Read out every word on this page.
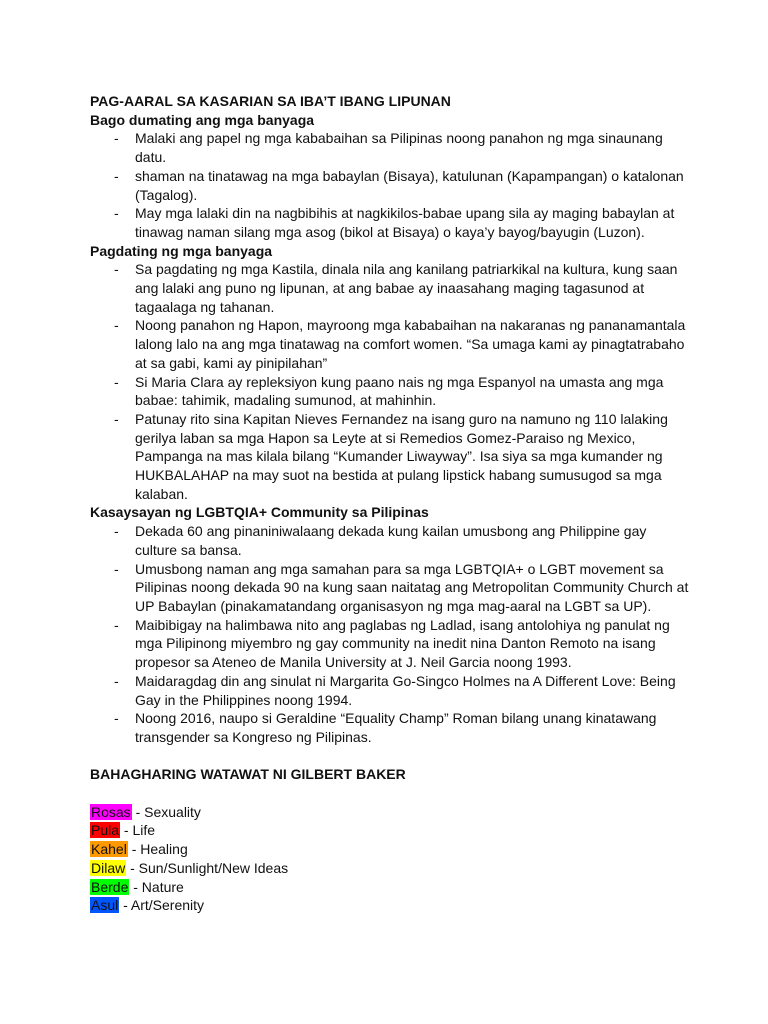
PAG-AARAL SA KASARIAN SA IBA’T IBANG LIPUNAN

Bago dumating ang mga banyaga

- Malaki ang papel ng mga kababaihan sa Pilipinas noong panahon ng mga sinaunang datu.
- shaman na tinatawag na mga babaylan (Bisaya), katulunan (Kapampangan) o katalonan (Tagalog).
- May mga lalaki din na nagbibihis at nagkikilos-babae upang sila ay maging babaylan at tinawag naman silang mga asog (bikol at Bisaya) o kaya’y bayog/bayugin (Luzon).

Pagdating ng mga banyaga

- Sa pagdating ng mga Kastila, dinala nila ang kanilang patriarkikal na kultura, kung saan ang lalaki ang puno ng lipunan, at ang babae ay inaasahang maging tagasunod at tagaalaga ng tahanan.
- Noong panahon ng Hapon, mayroong mga kababaihan na nakaranas ng pananamantala lalong lalo na ang mga tinatawag na comfort women. “Sa umaga kami ay pinagtatrabaho at sa gabi, kami ay pinipilahan”
- Si Maria Clara ay repleksiyon kung paano nais ng mga Espanyol na umasta ang mga babae: tahimik, madaling sumunod, at mahinhin.
- Patunay rito sina Kapitan Nieves Fernandez na isang guro na namuno ng 110 lalaking gerilya laban sa mga Hapon sa Leyte at si Remedios Gomez-Paraiso ng Mexico, Pampanga na mas kilala bilang “Kumander Liwayway”. Isa siya sa mga kumander ng HUKBALAHAP na may suot na bestida at pulang lipstick habang sumusugod sa mga kalaban.

Kasaysayan ng LGBTQIA+ Community sa Pilipinas

- Dekada 60 ang pinaniniwalaang dekada kung kailan umusbong ang Philippine gay culture sa bansa.
- Umusbong naman ang mga samahan para sa mga LGBTQIA+ o LGBT movement sa Pilipinas noong dekada 90 na kung saan naitatag ang Metropolitan Community Church at UP Babaylan (pinakamatandang organisasyon ng mga mag-aaral na LGBT sa UP).
- Maibibigay na halimbawa nito ang paglabas ng Ladlad, isang antolohiya ng panulat ng mga Pilipinong miyembro ng gay community na inedit nina Danton Remoto na isang propesor sa Ateneo de Manila University at J. Neil Garcia noong 1993.
- Maidaragdag din ang sinulat ni Margarita Go-Singco Holmes na A Different Love: Being Gay in the Philippines noong 1994.
- Noong 2016, naupo si Geraldine “Equality Champ” Roman bilang unang kinatawang transgender sa Kongreso ng Pilipinas.

BAHAGHARING WATAWAT NI GILBERT BAKER

Rosas - Sexuality

Pula - Life

Kahel - Healing

Dilaw - Sun/Sunlight/New Ideas

Berde - Nature

Asul - Art/Serenity
